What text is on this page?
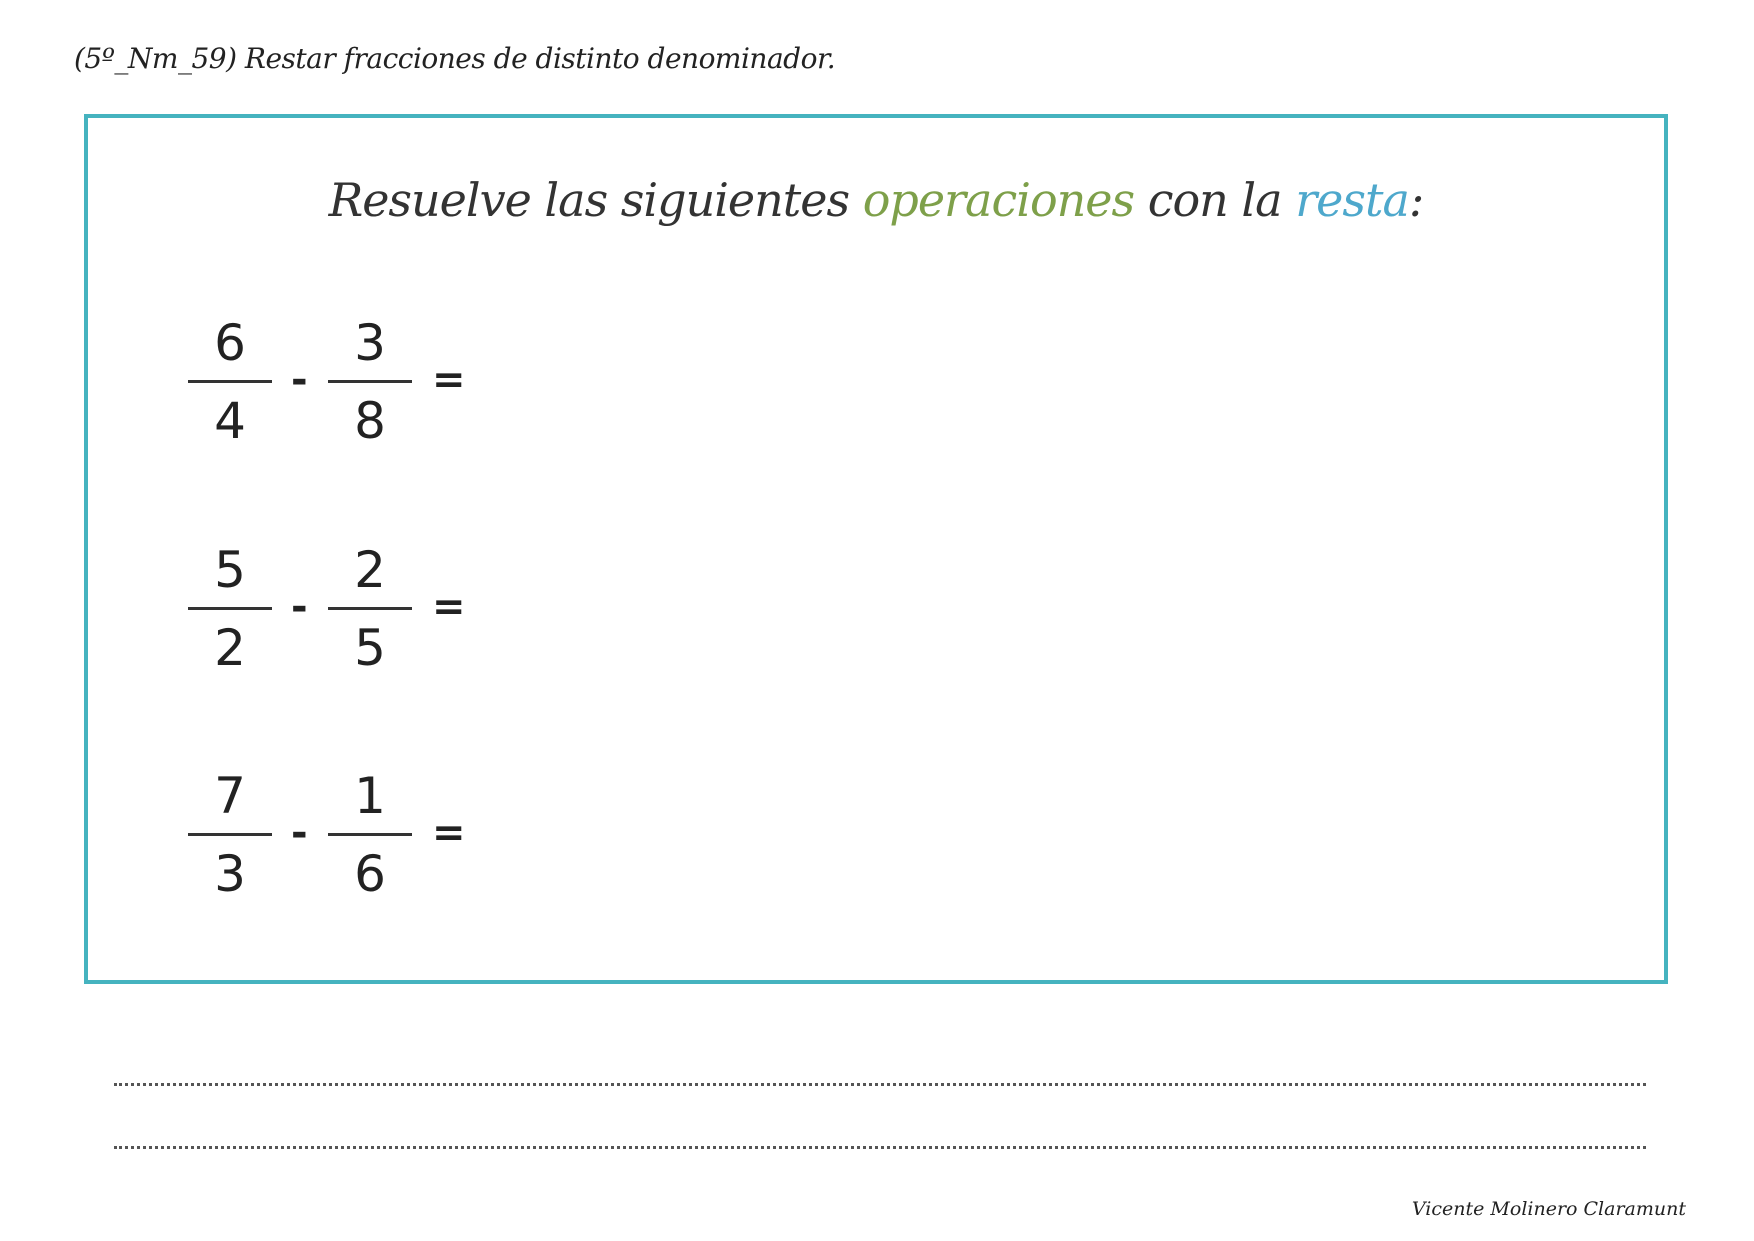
(5º_Nm_59) Restar fracciones de distinto denominador.
Resuelve las siguientes operaciones con la resta:
6
4
-
3
8
=
5
2
-
2
5
=
7
3
-
1
6
=
Vicente Molinero Claramunt
